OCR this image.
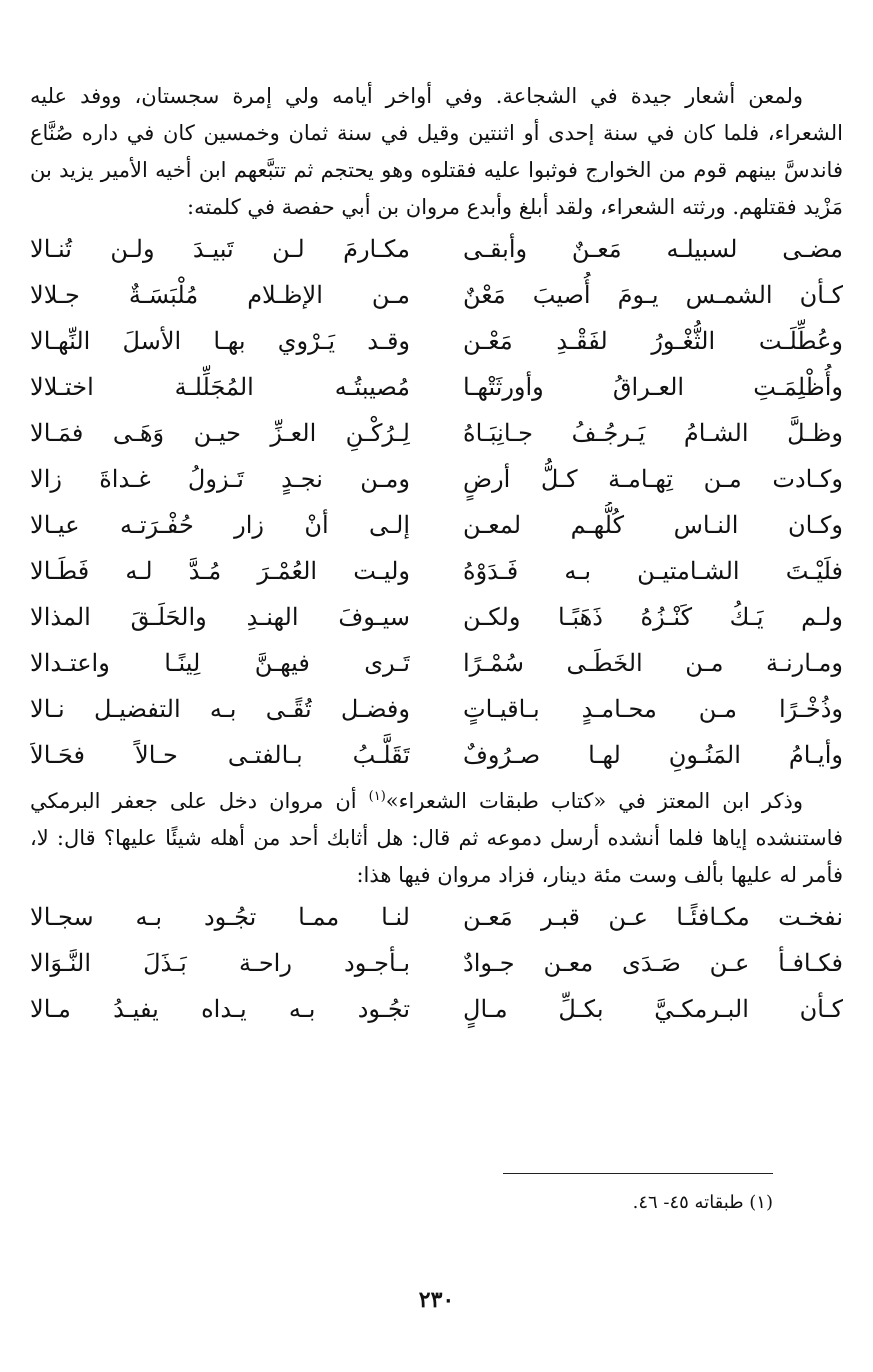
ولمعن أشعار جيدة في الشجاعة. وفي أواخر أيامه ولي إمرة سجستان، ووفد عليه الشعراء، فلما كان في سنة إحدى أو اثنتين وقيل في سنة ثمان وخمسين كان في داره صُنَّاع فاندسَّ بينهم قوم من الخوارج فوثبوا عليه فقتلوه وهو يحتجم ثم تتبَّعهم ابن أخيه الأمير يزيد بن مَزْيد فقتلهم. ورثته الشعراء، ولقد أبلغ وأبدع مروان بن أبي حفصة في كلمته:

مضـى لسبيلـه مَعـنٌ وأبقـى
مكـارمَ لـن تَبيـدَ ولـن تُنـالا
كـأن الشمـس يـومَ أُصيبَ مَعْنٌ
مـن الإظـلام مُلْبَسَـةٌ جـلالا
وعُطِّلَـت الثُّغْـورُ لفَقْـدِ مَعْـن
وقـد يَـرْوي بهـا الأسلَ النِّهـالا
وأُظْلِمَـتِ العـراقُ وأورثَتْهـا
مُصيبتُـه المُجَلِّلـة اختـلالا
وظـلَّ الشـامُ يَـرجُـفُ جـانِبَـاهُ
لِـرُكْـنِ العـزِّ حيـن وَهَـى فمَـالا
وكـادت مـن تِهـامـة كـلُّ أرضٍ
ومـن نجـدٍ تَـزولُ غـداةَ زالا
وكـان النـاس كُلُّهـم لمعـن
إلـى أنْ زار حُفْـرَتـه عيـالا
فلَيْـتَ الشـامتيـن بـه فَـدَوْهُ
وليـت العُمْـرَ مُـدَّ لـه فَطَـالا
ولـم يَـكُ كَنْـزُهُ ذَهَبًـا ولكـن
سيـوفَ الهنـدِ والحَلَـقَ المذالا
ومـارنـة مـن الخَطَـى سُمْـرًا
تَـرى فيهـنَّ لِينًـا واعتـدالا
وذُخْـرًا مـن محـامـدٍ بـاقيـاتٍ
وفضـل تُقًـى بـه التفضيـل نـالا
وأيـامُ المَنُـونِ لهـا صـرُوفٌ
تَقَلَّـبُ بـالفتـى حـالاً فحَـالاَ

وذكر ابن المعتز في «كتاب طبقات الشعراء»$^{(١)}$ أن مروان دخل على جعفر البرمكي فاستنشده إياها فلما أنشده أرسل دموعه ثم قال: هل أثابك أحد من أهله شيئًا عليها؟ قال: لا، فأمر له عليها بألف وست مئة دينار، فزاد مروان فيها هذا:

نفخـت مكـافئًـا عـن قبـر مَعـن
لنـا ممـا تجُـود بـه سجـالا
فكـافـأ عـن صَـدَى معـن جـوادٌ
بـأجـود راحـة بَـذَلَ النَّـوَالا
كـأن البـرمكـيَّ بكـلِّ مـالٍ
تجُـود بـه يـداه يفيـدُ مـالا
(١) طبقاته ٤٥- ٤٦.
٢٣٠
